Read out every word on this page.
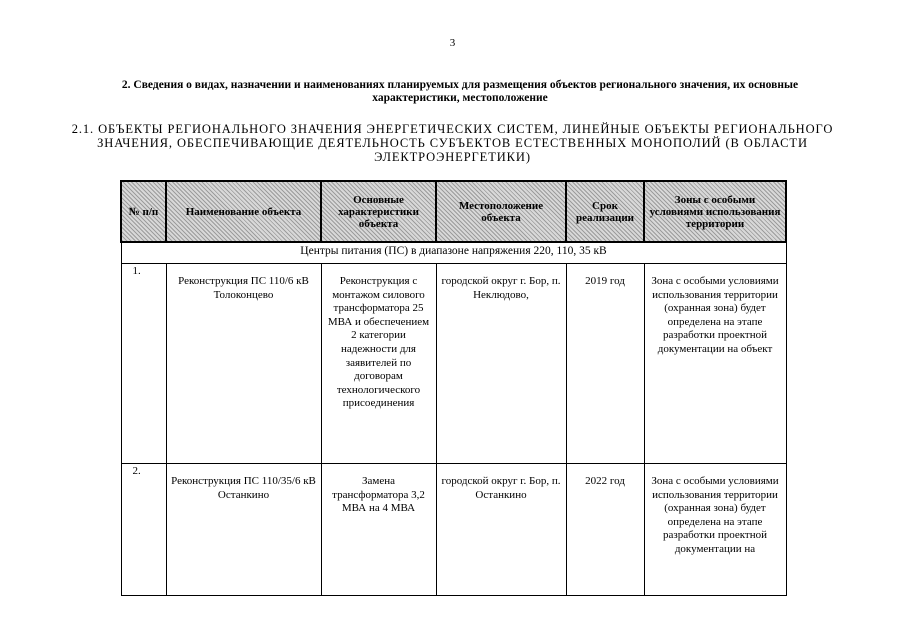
3
2. Сведения о видах, назначении и наименованиях планируемых для размещения объектов регионального значения, их основные характеристики, местоположение
2.1. ОБЪЕКТЫ РЕГИОНАЛЬНОГО ЗНАЧЕНИЯ ЭНЕРГЕТИЧЕСКИХ СИСТЕМ, ЛИНЕЙНЫЕ ОБЪЕКТЫ РЕГИОНАЛЬНОГО ЗНАЧЕНИЯ, ОБЕСПЕЧИВАЮЩИЕ ДЕЯТЕЛЬНОСТЬ СУБЪЕКТОВ ЕСТЕСТВЕННЫХ МОНОПОЛИЙ (В ОБЛАСТИ ЭЛЕКТРОЭНЕРГЕТИКИ)
№ п/п	Наименование объекта	Основные характеристики объекта	Местоположение объекта	Срок реализации	Зоны с особыми условиями использования территории
Центры питания (ПС) в диапазоне напряжения 220, 110, 35 кВ					
1.	Реконструкция ПС 110/6 кВ Толоконцево	Реконструкция с монтажом силового трансформатора 25 МВА и обеспечением 2 категории надежности для заявителей по договорам технологического присоединения	городской округ г. Бор, п. Неклюдово,	2019 год	Зона с особыми условиями использования территории (охранная зона) будет определена на этапе разработки проектной документации на объект
2.	Реконструкция ПС 110/35/6 кВ Останкино	Замена трансформатора 3,2 МВА на 4 МВА	городской округ г. Бор, п. Останкино	2022 год	Зона с особыми условиями использования территории (охранная зона) будет определена на этапе разработки проектной документации на
